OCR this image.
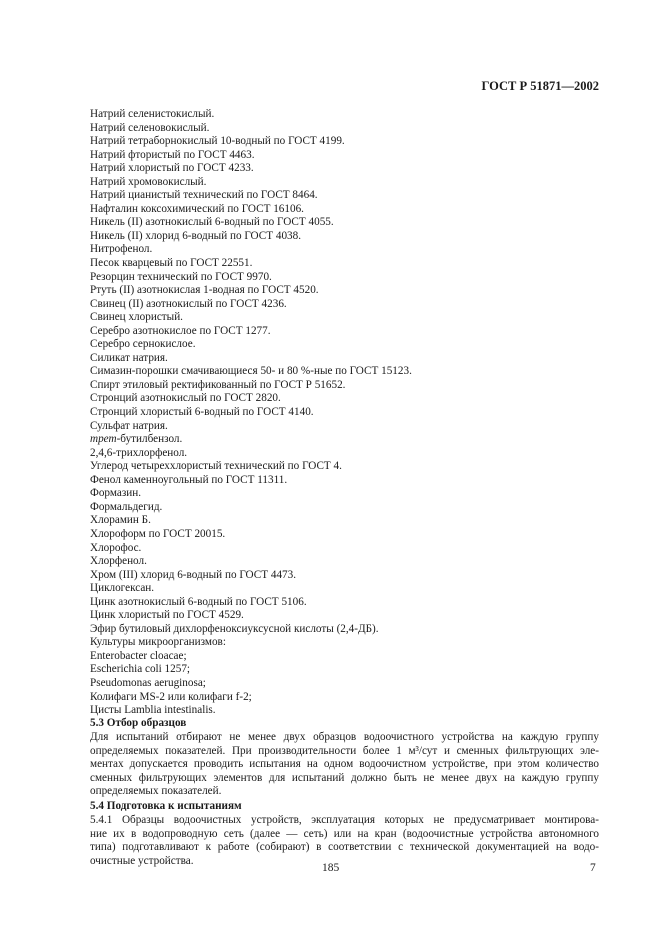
ГОСТ Р 51871—2002
Натрий селенистокислый.
Натрий селеновокислый.
Натрий тетраборнокислый 10-водный по ГОСТ 4199.
Натрий фтористый по ГОСТ 4463.
Натрий хлористый по ГОСТ 4233.
Натрий хромовокислый.
Натрий цианистый технический по ГОСТ 8464.
Нафталин коксохимический по ГОСТ 16106.
Никель (II) азотнокислый 6-водный по ГОСТ 4055.
Никель (II) хлорид 6-водный по ГОСТ 4038.
Нитрофенол.
Песок кварцевый по ГОСТ 22551.
Резорцин технический по ГОСТ 9970.
Ртуть (II) азотнокислая 1-водная по ГОСТ 4520.
Свинец (II) азотнокислый по ГОСТ 4236.
Свинец хлористый.
Серебро азотнокислое по ГОСТ 1277.
Серебро сернокислое.
Силикат натрия.
Симазин-порошки смачивающиеся 50- и 80 %-ные по ГОСТ 15123.
Спирт этиловый ректификованный по ГОСТ Р 51652.
Стронций азотнокислый по ГОСТ 2820.
Стронций хлористый 6-водный по ГОСТ 4140.
Сульфат натрия.
трет-бутилбензол.
2,4,6-трихлорфенол.
Углерод четыреххлористый технический по ГОСТ 4.
Фенол каменноугольный по ГОСТ 11311.
Формазин.
Формальдегид.
Хлорамин Б.
Хлороформ по ГОСТ 20015.
Хлорофос.
Хлорфенол.
Хром (III) хлорид 6-водный по ГОСТ 4473.
Циклогексан.
Цинк азотнокислый 6-водный по ГОСТ 5106.
Цинк хлористый по ГОСТ 4529.
Эфир бутиловый дихлорфеноксиуксусной кислоты (2,4-ДБ).
Культуры микроорганизмов:
Enterobacter cloacae;
Escherichia coli 1257;
Pseudomonas aeruginosa;
Колифаги MS-2 или колифаги f-2;
Цисты Lamblia intestinalis.
5.3 Отбор образцов
Для испытаний отбирают не менее двух образцов водоочистного устройства на каждую группу
определяемых показателей. При производительности более 1 м³/сут и сменных фильтрующих эле-
ментах допускается проводить испытания на одном водоочистном устройстве, при этом количество
сменных фильтрующих элементов для испытаний должно быть не менее двух на каждую группу
определяемых показателей.
5.4 Подготовка к испытаниям
5.4.1 Образцы водоочистных устройств, эксплуатация которых не предусматривает монтирова-
ние их в водопроводную сеть (далее — сеть) или на кран (водоочистные устройства автономного
типа) подготавливают к работе (собирают) в соответствии с технической документацией на водо-
очистные устройства.
185	7
